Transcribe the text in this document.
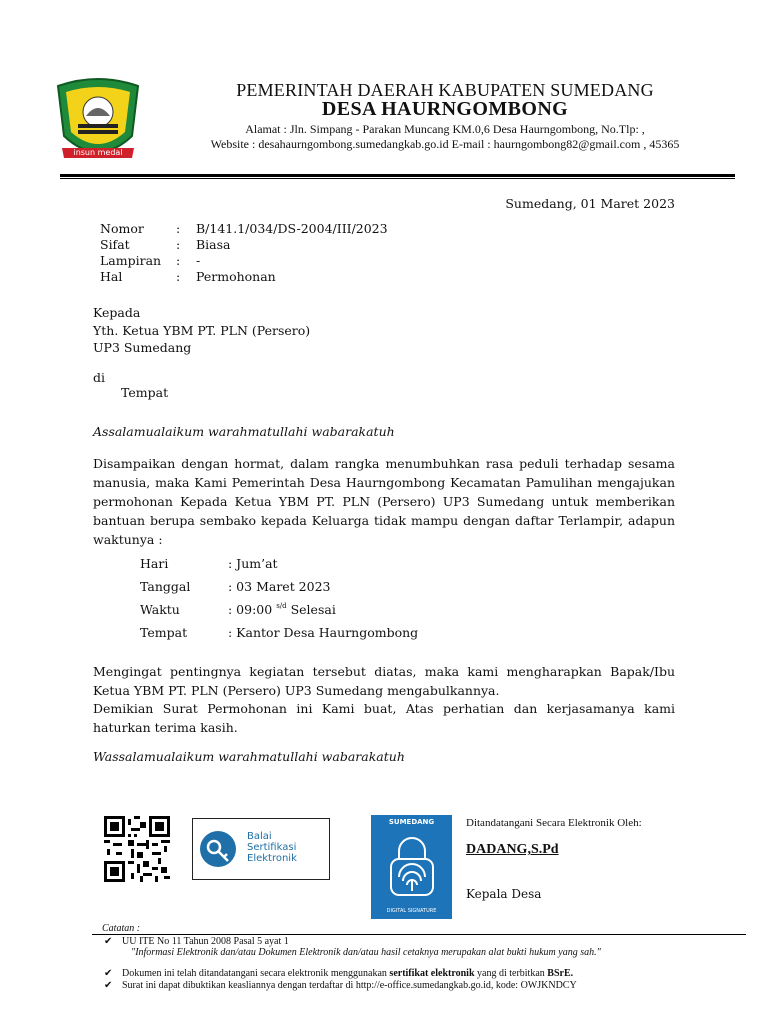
insun medal
PEMERINTAH DAERAH KABUPATEN SUMEDANG
DESA HAURNGOMBONG
Alamat : Jln. Simpang - Parakan Muncang KM.0,6 Desa Haurngombong, No.Tlp: ,
Website : desahaurngombong.sumedangkab.go.id E-mail : haurngombong82@gmail.com , 45365
Sumedang, 01 Maret 2023
Nomor	:	B/141.1/034/DS-2004/III/2023
Sifat	:	Biasa
Lampiran	:	-
Hal	:	Permohonan
Kepada
Yth. Ketua YBM PT. PLN (Persero)
UP3 Sumedang
di
Tempat
Assalamualaikum warahmatullahi wabarakatuh
Disampaikan dengan hormat, dalam rangka menumbuhkan rasa peduli terhadap sesama manusia, maka Kami Pemerintah Desa Haurngombong Kecamatan Pamulihan mengajukan permohonan Kepada Ketua YBM PT. PLN (Persero) UP3 Sumedang untuk memberikan bantuan berupa sembako kepada Keluarga tidak mampu dengan daftar Terlampir, adapun waktunya :
Hari	: Jum’at
Tanggal	: 03 Maret 2023
Waktu	: 09:00 s/d Selesai
Tempat	: Kantor Desa Haurngombong
Mengingat pentingnya kegiatan tersebut diatas, maka kami mengharapkan Bapak/Ibu Ketua YBM PT. PLN (Persero) UP3 Sumedang mengabulkannya.
Demikian Surat Permohonan ini Kami buat, Atas perhatian dan kerjasamanya kami haturkan terima kasih.
Wassalamualaikum warahmatullahi wabarakatuh
Balai
Sertifikasi
Elektronik
SUMEDANG
DIGITAL SIGNATURE
Ditandatangani Secara Elektronik Oleh:
DADANG,S.Pd
Kepala Desa
Catatan :
✔ UU ITE No 11 Tahun 2008 Pasal 5 ayat 1
"Informasi Elektronik dan/atau Dokumen Elektronik dan/atau hasil cetaknya merupakan alat bukti hukum yang sah."
✔ Dokumen ini telah ditandatangani secara elektronik menggunakan sertifikat elektronik yang di terbitkan BSrE.
✔ Surat ini dapat dibuktikan keasliannya dengan terdaftar di http://e-office.sumedangkab.go.id, kode: OWJKNDCY
